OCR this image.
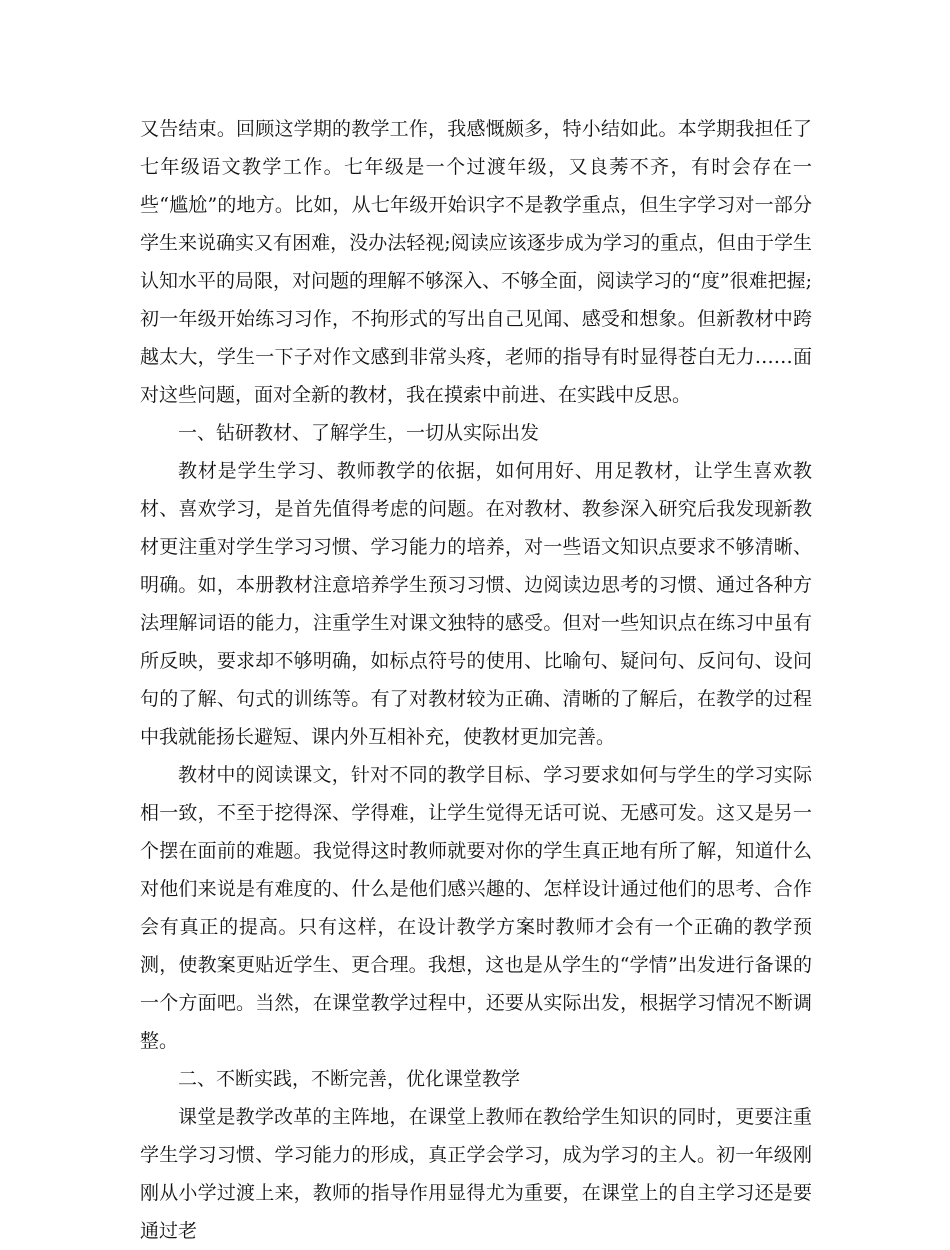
又告结束。回顾这学期的教学工作，我感慨颇多，特小结如此。本学期我担任了七年级语文教学工作。七年级是一个过渡年级，又良莠不齐，有时会存在一些“尴尬”的地方。比如，从七年级开始识字不是教学重点，但生字学习对一部分学生来说确实又有困难，没办法轻视;阅读应该逐步成为学习的重点，但由于学生认知水平的局限，对问题的理解不够深入、不够全面，阅读学习的“度”很难把握;初一年级开始练习习作，不拘形式的写出自己见闻、感受和想象。但新教材中跨越太大，学生一下子对作文感到非常头疼，老师的指导有时显得苍白无力……面对这些问题，面对全新的教材，我在摸索中前进、在实践中反思。

一、钻研教材、了解学生，一切从实际出发

教材是学生学习、教师教学的依据，如何用好、用足教材，让学生喜欢教材、喜欢学习，是首先值得考虑的问题。在对教材、教参深入研究后我发现新教材更注重对学生学习习惯、学习能力的培养，对一些语文知识点要求不够清晰、明确。如，本册教材注意培养学生预习习惯、边阅读边思考的习惯、通过各种方法理解词语的能力，注重学生对课文独特的感受。但对一些知识点在练习中虽有所反映，要求却不够明确，如标点符号的使用、比喻句、疑问句、反问句、设问句的了解、句式的训练等。有了对教材较为正确、清晰的了解后，在教学的过程中我就能扬长避短、课内外互相补充，使教材更加完善。

教材中的阅读课文，针对不同的教学目标、学习要求如何与学生的学习实际相一致，不至于挖得深、学得难，让学生觉得无话可说、无感可发。这又是另一个摆在面前的难题。我觉得这时教师就要对你的学生真正地有所了解，知道什么对他们来说是有难度的、什么是他们感兴趣的、怎样设计通过他们的思考、合作会有真正的提高。只有这样，在设计教学方案时教师才会有一个正确的教学预测，使教案更贴近学生、更合理。我想，这也是从学生的“学情”出发进行备课的一个方面吧。当然，在课堂教学过程中，还要从实际出发，根据学习情况不断调整。

二、不断实践，不断完善，优化课堂教学

课堂是教学改革的主阵地，在课堂上教师在教给学生知识的同时，更要注重学生学习习惯、学习能力的形成，真正学会学习，成为学习的主人。初一年级刚刚从小学过渡上来，教师的指导作用显得尤为重要，在课堂上的自主学习还是要通过老
